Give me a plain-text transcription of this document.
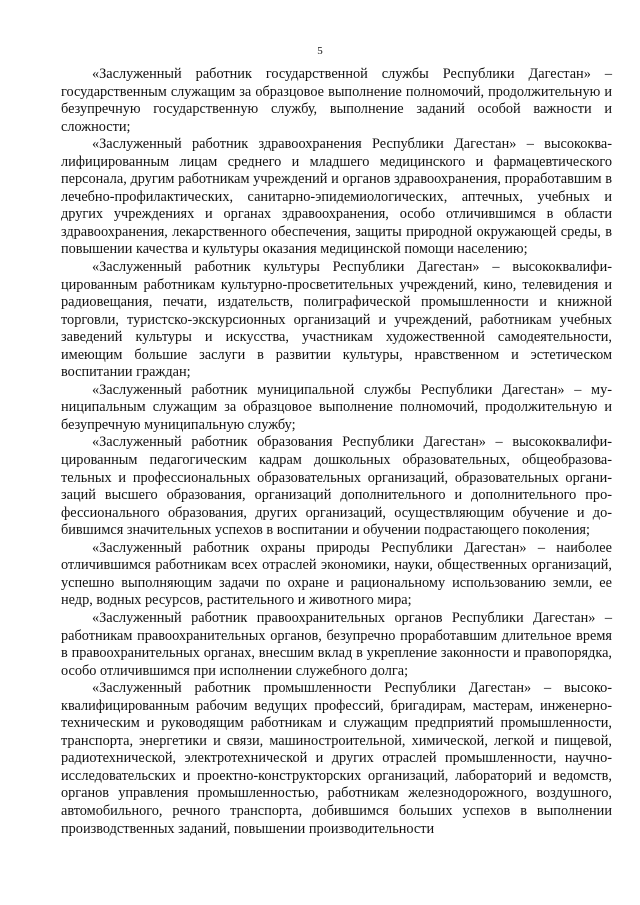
5

«Заслуженный работник государственной службы Республики Дагестан» – государственным служащим за образцовое выполнение полномочий, продолжительную и безупречную государственную службу, выполнение заданий особой важности и сложности;

«Заслуженный работник здравоохранения Республики Дагестан» – высококвалифицированным лицам среднего и младшего медицинского и фармацевтического персонала, другим работникам учреждений и органов здравоохранения, проработавшим в лечебно-профилактических, санитарно-эпидемиологических, аптечных, учебных и других учреждениях и органах здравоохранения, особо отличившимся в области здравоохранения, лекарственного обеспечения, защиты природной окружающей среды, в повышении качества и культуры оказания медицинской помощи населению;

«Заслуженный работник культуры Республики Дагестан» – высококвалифицированным работникам культурно-просветительных учреждений, кино, телевидения и радиовещания, печати, издательств, полиграфической промышленности и книжной торговли, туристско-экскурсионных организаций и учреждений, работникам учебных заведений культуры и искусства, участникам художественной самодеятельности, имеющим большие заслуги в развитии культуры, нравственном и эстетическом воспитании граждан;

«Заслуженный работник муниципальной службы Республики Дагестан» – муниципальным служащим за образцовое выполнение полномочий, продолжительную и безупречную муниципальную службу;

«Заслуженный работник образования Республики Дагестан» – высококвалифицированным педагогическим кадрам дошкольных образовательных, общеобразовательных и профессиональных образовательных организаций, образовательных организаций высшего образования, организаций дополнительного и дополнительного профессионального образования, других организаций, осуществляющим обучение и добившимся значительных успехов в воспитании и обучении подрастающего поколения;

«Заслуженный работник охраны природы Республики Дагестан» – наиболее отличившимся работникам всех отраслей экономики, науки, общественных организаций, успешно выполняющим задачи по охране и рациональному использованию земли, ее недр, водных ресурсов, растительного и животного мира;

«Заслуженный работник правоохранительных органов Республики Дагестан» – работникам правоохранительных органов, безупречно проработавшим длительное время в правоохранительных органах, внесшим вклад в укрепление законности и правопорядка, особо отличившимся при исполнении служебного долга;

«Заслуженный работник промышленности Республики Дагестан» – высококвалифицированным рабочим ведущих профессий, бригадирам, мастерам, инженерно-техническим и руководящим работникам и служащим предприятий промышленности, транспорта, энергетики и связи, машиностроительной, химической, легкой и пищевой, радиотехнической, электротехнической и других отраслей промышленности, научно-исследовательских и проектно-конструкторских организаций, лабораторий и ведомств, органов управления промышленностью, работникам железнодорожного, воздушного, автомобильного, речного транспорта, добившимся больших успехов в выполнении производственных заданий, повышении производительности
